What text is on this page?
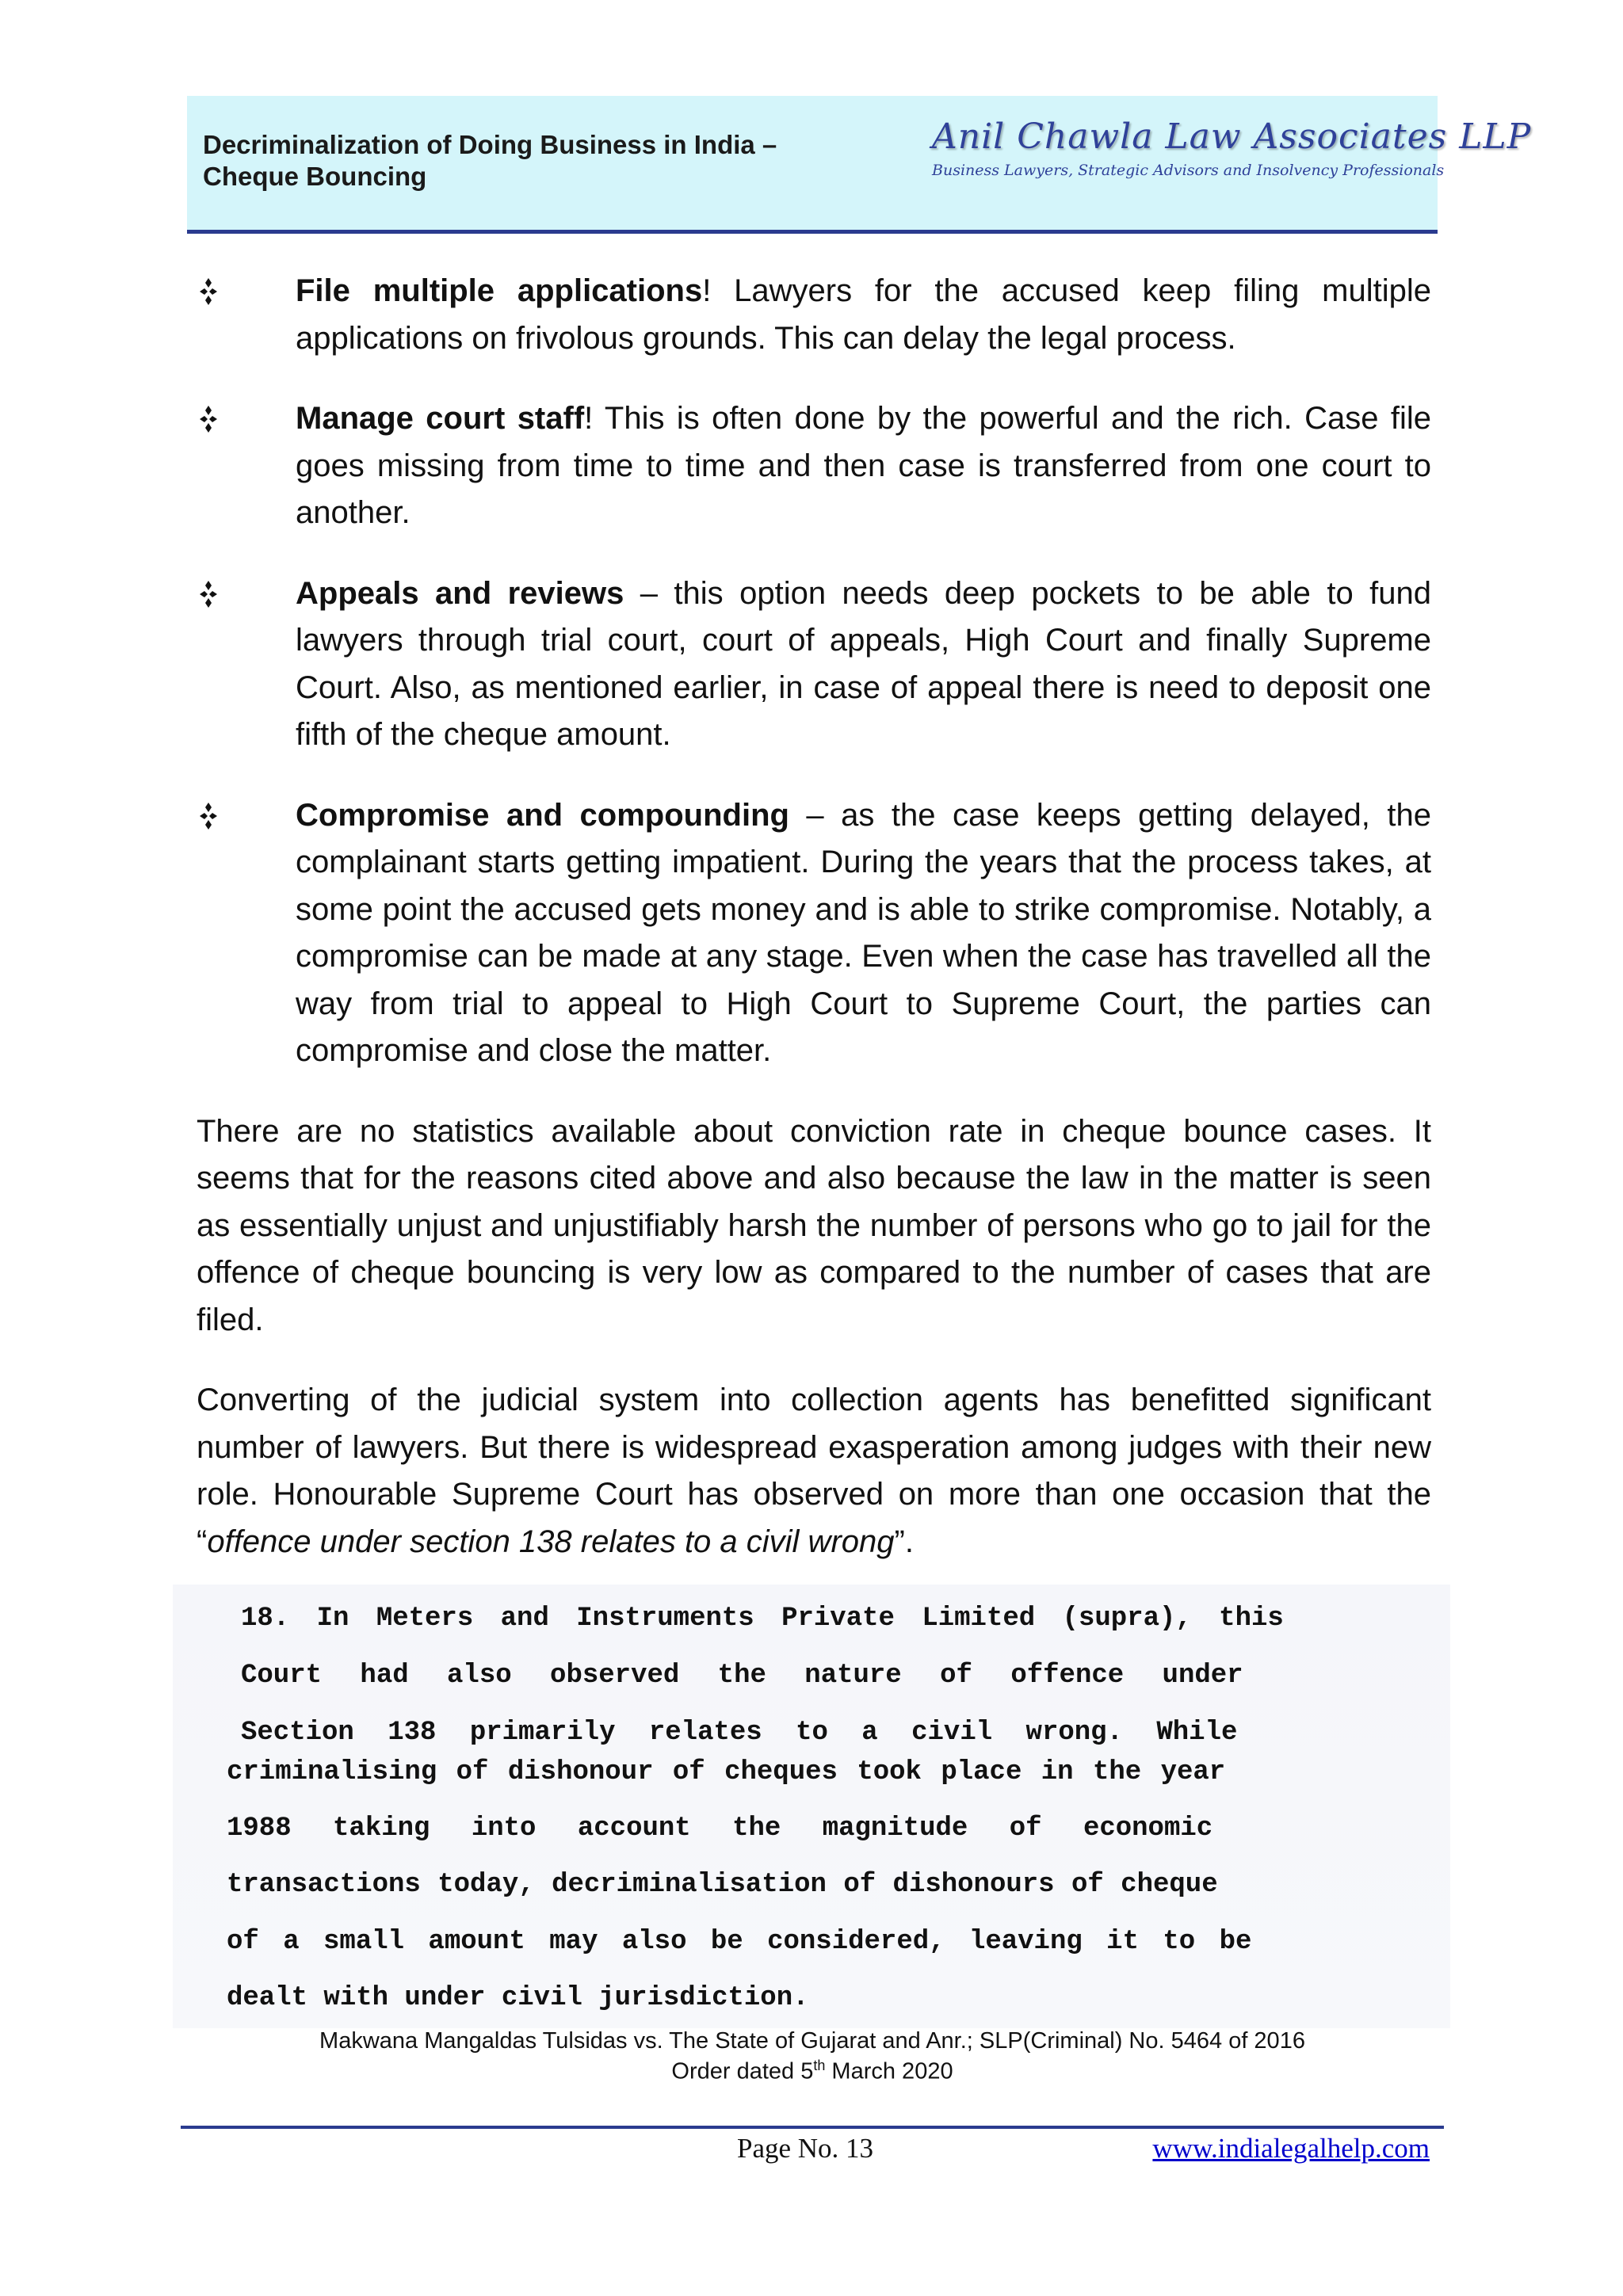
Decriminalization of Doing Business in India –
Cheque Bouncing
Anil Chawla Law Associates LLP
Business Lawyers, Strategic Advisors and Insolvency Professionals

File multiple applications! Lawyers for the accused keep filing multiple applications on frivolous grounds. This can delay the legal process.

Manage court staff! This is often done by the powerful and the rich. Case file goes missing from time to time and then case is transferred from one court to another.

Appeals and reviews – this option needs deep pockets to be able to fund lawyers through trial court, court of appeals, High Court and finally Supreme Court. Also, as mentioned earlier, in case of appeal there is need to deposit one fifth of the cheque amount.

Compromise and compounding – as the case keeps getting delayed, the complainant starts getting impatient. During the years that the process takes, at some point the accused gets money and is able to strike compromise. Notably, a compromise can be made at any stage. Even when the case has travelled all the way from trial to appeal to High Court to Supreme Court, the parties can compromise and close the matter.

There are no statistics available about conviction rate in cheque bounce cases. It seems that for the reasons cited above and also because the law in the matter is seen as essentially unjust and unjustifiably harsh the number of persons who go to jail for the offence of cheque bouncing is very low as compared to the number of cases that are filed.

Converting of the judicial system into collection agents has benefitted significant number of lawyers. But there is widespread exasperation among judges with their new role. Honourable Supreme Court has observed on more than one occasion that the “offence under section 138 relates to a civil wrong”.

18. In Meters and Instruments Private Limited (supra), this
Court had also observed the nature of offence under
Section 138 primarily relates to a civil wrong. While
criminalising of dishonour of cheques took place in the year
1988 taking into account the magnitude of economic
transactions today, decriminalisation of dishonours of cheque
of a small amount may also be considered, leaving it to be
dealt with under civil jurisdiction.
Makwana Mangaldas Tulsidas vs. The State of Gujarat and Anr.; SLP(Criminal) No. 5464 of 2016
Order dated 5th March 2020
Page No. 13	www.indialegalhelp.com
